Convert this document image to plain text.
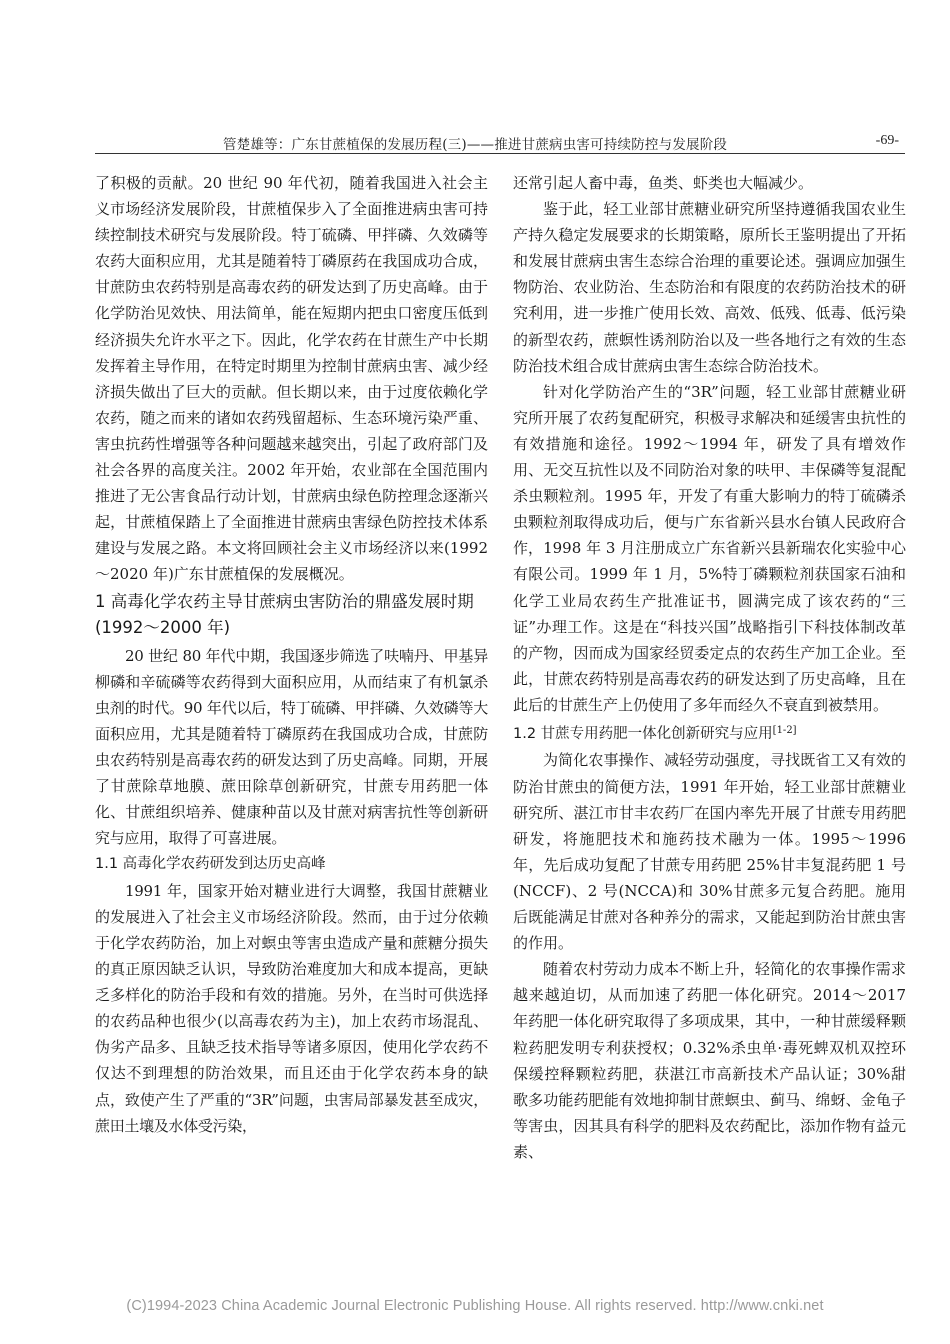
管楚雄等：广东甘蔗植保的发展历程(三)——推进甘蔗病虫害可持续防控与发展阶段	-69-

了积极的贡献。20 世纪 90 年代初，随着我国进入社会主义市场经济发展阶段，甘蔗植保步入了全面推进病虫害可持续控制技术研究与发展阶段。特丁硫磷、甲拌磷、久效磷等农药大面积应用，尤其是随着特丁磷原药在我国成功合成，甘蔗防虫农药特别是高毒农药的研发达到了历史高峰。由于化学防治见效快、用法简单，能在短期内把虫口密度压低到经济损失允许水平之下。因此，化学农药在甘蔗生产中长期发挥着主导作用，在特定时期里为控制甘蔗病虫害、减少经济损失做出了巨大的贡献。但长期以来，由于过度依赖化学农药，随之而来的诸如农药残留超标、生态环境污染严重、害虫抗药性增强等各种问题越来越突出，引起了政府部门及社会各界的高度关注。2002 年开始，农业部在全国范围内推进了无公害食品行动计划，甘蔗病虫绿色防控理念逐渐兴起，甘蔗植保踏上了全面推进甘蔗病虫害绿色防控技术体系建设与发展之路。本文将回顾社会主义市场经济以来(1992～2020 年)广东甘蔗植保的发展概况。

1 高毒化学农药主导甘蔗病虫害防治的鼎盛发展时期(1992～2000 年)

20 世纪 80 年代中期，我国逐步筛选了呋喃丹、甲基异柳磷和辛硫磷等农药得到大面积应用，从而结束了有机氯杀虫剂的时代。90 年代以后，特丁硫磷、甲拌磷、久效磷等大面积应用，尤其是随着特丁磷原药在我国成功合成，甘蔗防虫农药特别是高毒农药的研发达到了历史高峰。同期，开展了甘蔗除草地膜、蔗田除草创新研究，甘蔗专用药肥一体化、甘蔗组织培养、健康种苗以及甘蔗对病害抗性等创新研究与应用，取得了可喜进展。

1.1 高毒化学农药研发到达历史高峰

1991 年，国家开始对糖业进行大调整，我国甘蔗糖业的发展进入了社会主义市场经济阶段。然而，由于过分依赖于化学农药防治，加上对螟虫等害虫造成产量和蔗糖分损失的真正原因缺乏认识，导致防治难度加大和成本提高，更缺乏多样化的防治手段和有效的措施。另外，在当时可供选择的农药品种也很少(以高毒农药为主)，加上农药市场混乱、伪劣产品多、且缺乏技术指导等诸多原因，使用化学农药不仅达不到理想的防治效果，而且还由于化学农药本身的缺点，致使产生了严重的“3R”问题，虫害局部暴发甚至成灾，蔗田土壤及水体受污染，

还常引起人畜中毒，鱼类、虾类也大幅减少。

鉴于此，轻工业部甘蔗糖业研究所坚持遵循我国农业生产持久稳定发展要求的长期策略，原所长王鉴明提出了开拓和发展甘蔗病虫害生态综合治理的重要论述。强调应加强生物防治、农业防治、生态防治和有限度的农药防治技术的研究利用，进一步推广使用长效、高效、低残、低毒、低污染的新型农药，蔗螟性诱剂防治以及一些各地行之有效的生态防治技术组合成甘蔗病虫害生态综合防治技术。

针对化学防治产生的“3R”问题，轻工业部甘蔗糖业研究所开展了农药复配研究，积极寻求解决和延缓害虫抗性的有效措施和途径。1992～1994 年，研发了具有增效作用、无交互抗性以及不同防治对象的呋甲、丰保磷等复混配杀虫颗粒剂。1995 年，开发了有重大影响力的特丁硫磷杀虫颗粒剂取得成功后，便与广东省新兴县水台镇人民政府合作，1998 年 3 月注册成立广东省新兴县新瑞农化实验中心有限公司。1999 年 1 月，5%特丁磷颗粒剂获国家石油和化学工业局农药生产批准证书，圆满完成了该农药的“三证”办理工作。这是在“科技兴国”战略指引下科技体制改革的产物，因而成为国家经贸委定点的农药生产加工企业。至此，甘蔗农药特别是高毒农药的研发达到了历史高峰，且在此后的甘蔗生产上仍使用了多年而经久不衰直到被禁用。

1.2 甘蔗专用药肥一体化创新研究与应用[1-2]

为简化农事操作、减轻劳动强度，寻找既省工又有效的防治甘蔗虫的简便方法，1991 年开始，轻工业部甘蔗糖业研究所、湛江市甘丰农药厂在国内率先开展了甘蔗专用药肥研发，将施肥技术和施药技术融为一体。1995～1996 年，先后成功复配了甘蔗专用药肥 25%甘丰复混药肥 1 号(NCCF)、2 号(NCCA)和 30%甘蔗多元复合药肥。施用后既能满足甘蔗对各种养分的需求，又能起到防治甘蔗虫害的作用。

随着农村劳动力成本不断上升，轻简化的农事操作需求越来越迫切，从而加速了药肥一体化研究。2014～2017 年药肥一体化研究取得了多项成果，其中，一种甘蔗缓释颗粒药肥发明专利获授权；0.32%杀虫单·毒死蜱双机双控环保缓控释颗粒药肥，获湛江市高新技术产品认证；30%甜歌多功能药肥能有效地抑制甘蔗螟虫、蓟马、绵蚜、金龟子等害虫，因其具有科学的肥料及农药配比，添加作物有益元素、

(C)1994-2023 China Academic Journal Electronic Publishing House. All rights reserved. http://www.cnki.net
